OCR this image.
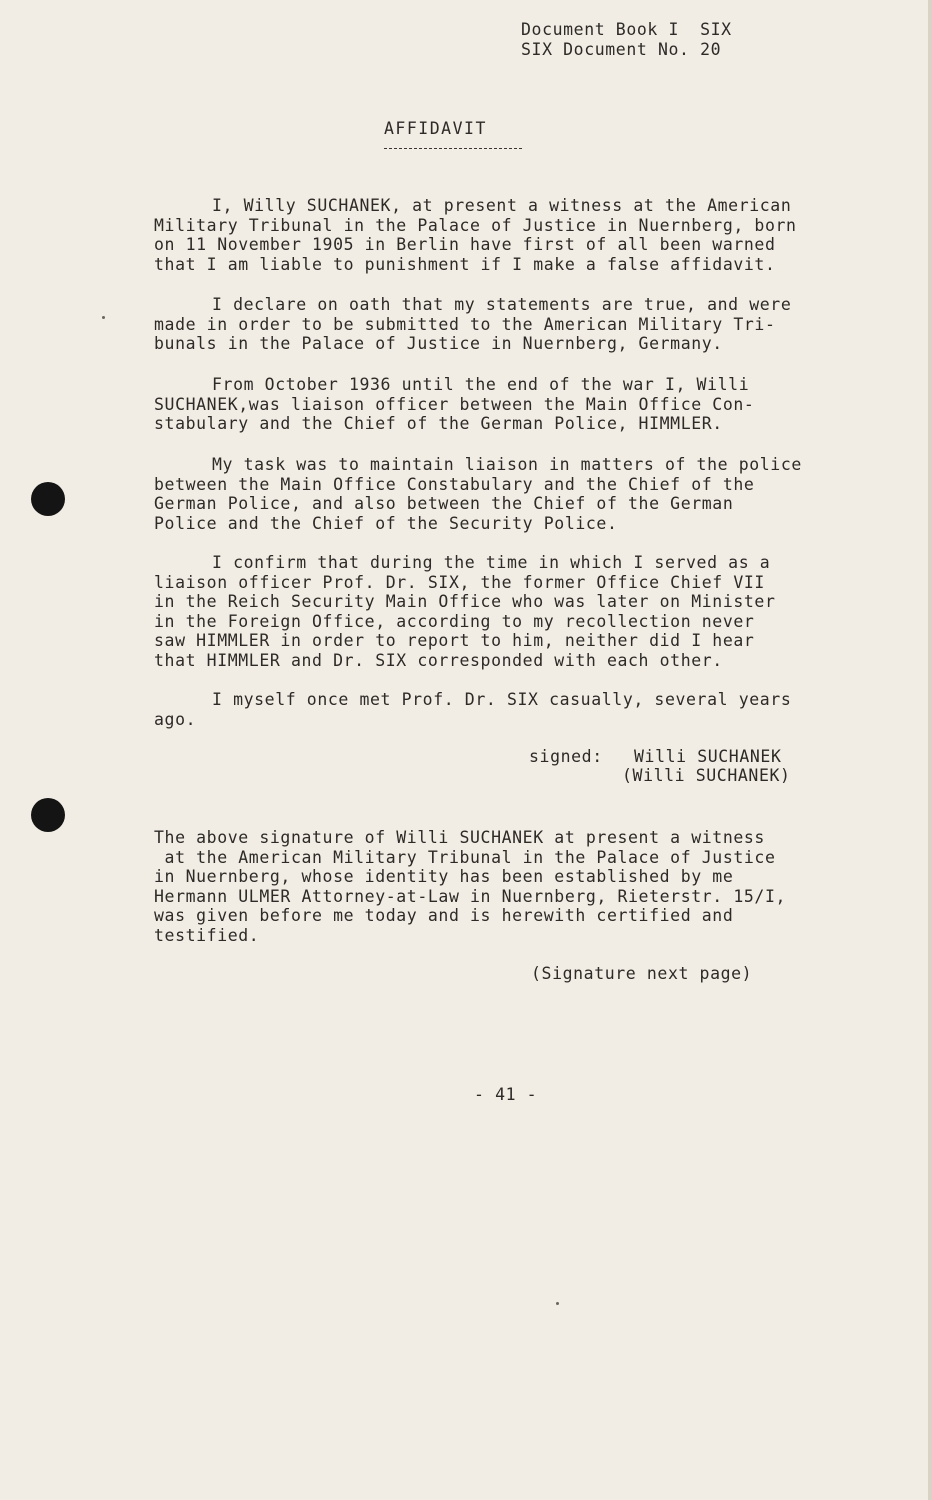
Document Book I  SIX
SIX Document No. 20
AFFIDAVIT
I, Willy SUCHANEK, at present a witness at the American
Military Tribunal in the Palace of Justice in Nuernberg, born
on 11 November 1905 in Berlin have first of all been warned
that I am liable to punishment if I make a false affidavit.
I declare on oath that my statements are true, and were
made in order to be submitted to the American Military Tri-
bunals in the Palace of Justice in Nuernberg, Germany.
From October 1936 until the end of the war I, Willi
SUCHANEK,was liaison officer between the Main Office Con-
stabulary and the Chief of the German Police, HIMMLER.
My task was to maintain liaison in matters of the police
between the Main Office Constabulary and the Chief of the
German Police, and also between the Chief of the German
Police and the Chief of the Security Police.
I confirm that during the time in which I served as a
liaison officer Prof. Dr. SIX, the former Office Chief VII
in the Reich Security Main Office who was later on Minister
in the Foreign Office, according to my recollection never
saw HIMMLER in order to report to him, neither did I hear
that HIMMLER and Dr. SIX corresponded with each other.
I myself once met Prof. Dr. SIX casually, several years
ago.
signed: Willi SUCHANEK
(Willi SUCHANEK)
The above signature of Willi SUCHANEK at present a witness
at the American Military Tribunal in the Palace of Justice
in Nuernberg, whose identity has been established by me
Hermann ULMER Attorney-at-Law in Nuernberg, Rieterstr. 15/I,
was given before me today and is herewith certified and
testified.
(Signature next page)
- 41 -
